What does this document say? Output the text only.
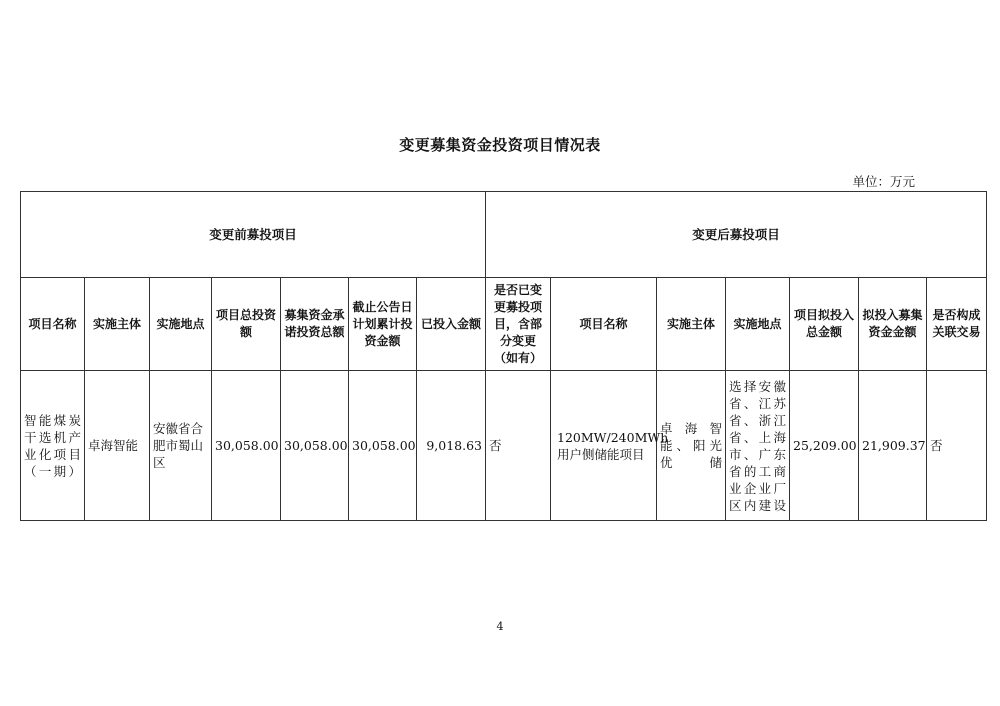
变更募集资金投资项目情况表
单位：万元
变更前募投项目							变更后募投项目						
项目名称	实施主体	实施地点	项目总投资额	募集资金承诺投资总额	截止公告日计划累计投资金额	已投入金额	是否已变更募投项目，含部分变更（如有）	项目名称	实施主体	实施地点	项目拟投入总金额	拟投入募集资金金额	是否构成关联交易
智能煤炭干选机产业化项目（一期）	卓海智能	安徽省合肥市蜀山区	30,058.00	30,058.00	30,058.00	9,018.63	否	120MW/240MWh用户侧储能项目	卓海智能、阳光优储	选择安徽省、江苏省、浙江省、上海市、广东省的工商业企业厂区内建设	25,209.00	21,909.37	否
4
